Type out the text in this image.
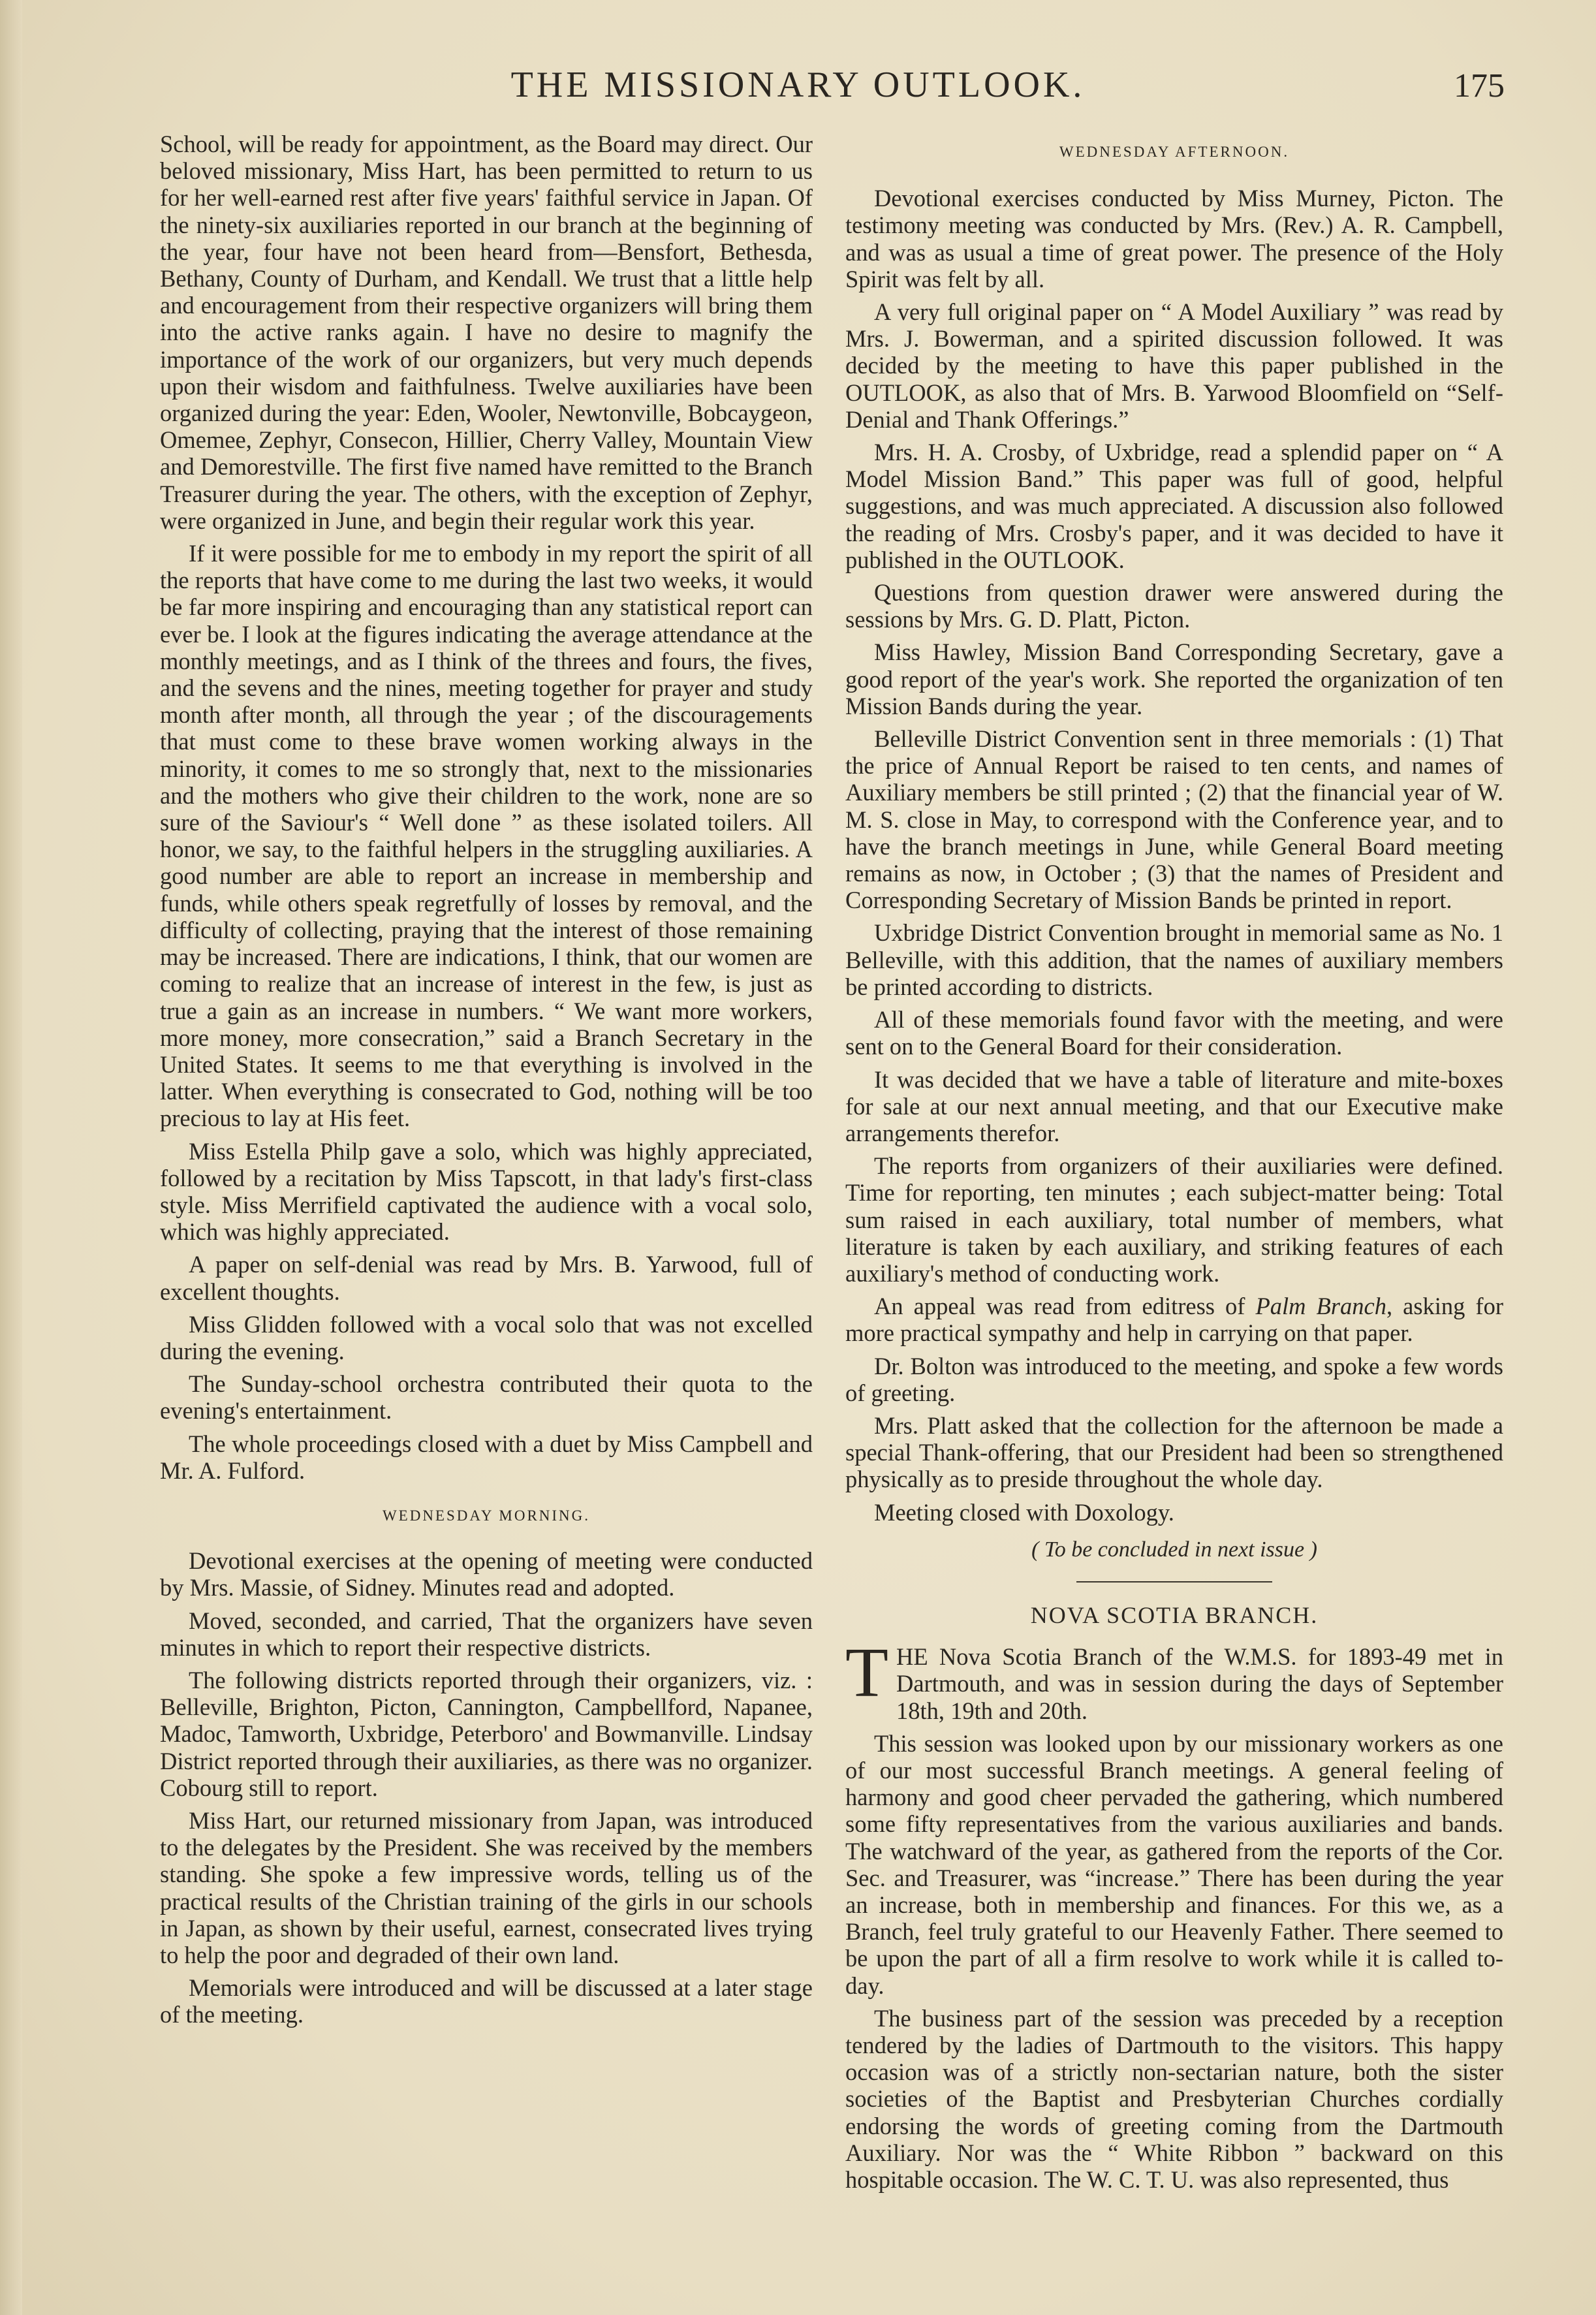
THE MISSIONARY OUTLOOK.	175

School, will be ready for appointment, as the Board may direct. Our beloved missionary, Miss Hart, has been permitted to return to us for her well-earned rest after five years' faithful service in Japan. Of the ninety-six auxiliaries reported in our branch at the beginning of the year, four have not been heard from—Bensfort, Bethesda, Bethany, County of Durham, and Kendall. We trust that a little help and encouragement from their respective organizers will bring them into the active ranks again. I have no desire to magnify the importance of the work of our organizers, but very much depends upon their wisdom and faithfulness. Twelve auxiliaries have been organized during the year: Eden, Wooler, Newtonville, Bobcaygeon, Omemee, Zephyr, Consecon, Hillier, Cherry Valley, Mountain View and Demorestville. The first five named have remitted to the Branch Treasurer during the year. The others, with the exception of Zephyr, were organized in June, and begin their regular work this year.

If it were possible for me to embody in my report the spirit of all the reports that have come to me during the last two weeks, it would be far more inspiring and encouraging than any statistical report can ever be. I look at the figures indicating the average attendance at the monthly meetings, and as I think of the threes and fours, the fives, and the sevens and the nines, meeting together for prayer and study month after month, all through the year ; of the discouragements that must come to these brave women working always in the minority, it comes to me so strongly that, next to the missionaries and the mothers who give their children to the work, none are so sure of the Saviour's “ Well done ” as these isolated toilers. All honor, we say, to the faithful helpers in the struggling auxiliaries. A good number are able to report an increase in membership and funds, while others speak regretfully of losses by removal, and the difficulty of collecting, praying that the interest of those remaining may be increased. There are indications, I think, that our women are coming to realize that an increase of interest in the few, is just as true a gain as an increase in numbers. “ We want more workers, more money, more consecration,” said a Branch Secretary in the United States. It seems to me that everything is involved in the latter. When everything is consecrated to God, nothing will be too precious to lay at His feet.

Miss Estella Philp gave a solo, which was highly appreciated, followed by a recitation by Miss Tapscott, in that lady's first-class style. Miss Merrifield captivated the audience with a vocal solo, which was highly appreciated.

A paper on self-denial was read by Mrs. B. Yarwood, full of excellent thoughts.

Miss Glidden followed with a vocal solo that was not excelled during the evening.

The Sunday-school orchestra contributed their quota to the evening's entertainment.

The whole proceedings closed with a duet by Miss Campbell and Mr. A. Fulford.

WEDNESDAY MORNING.

Devotional exercises at the opening of meeting were conducted by Mrs. Massie, of Sidney. Minutes read and adopted.

Moved, seconded, and carried, That the organizers have seven minutes in which to report their respective districts.

The following districts reported through their organizers, viz. : Belleville, Brighton, Picton, Cannington, Campbellford, Napanee, Madoc, Tamworth, Uxbridge, Peterboro' and Bowmanville. Lindsay District reported through their auxiliaries, as there was no organizer. Cobourg still to report.

Miss Hart, our returned missionary from Japan, was introduced to the delegates by the President. She was received by the members standing. She spoke a few impressive words, telling us of the practical results of the Christian training of the girls in our schools in Japan, as shown by their useful, earnest, consecrated lives trying to help the poor and degraded of their own land.

Memorials were introduced and will be discussed at a later stage of the meeting.

WEDNESDAY AFTERNOON.

Devotional exercises conducted by Miss Murney, Picton. The testimony meeting was conducted by Mrs. (Rev.) A. R. Campbell, and was as usual a time of great power. The presence of the Holy Spirit was felt by all.

A very full original paper on “ A Model Auxiliary ” was read by Mrs. J. Bowerman, and a spirited discussion followed. It was decided by the meeting to have this paper published in the OUTLOOK, as also that of Mrs. B. Yarwood Bloomfield on “Self-Denial and Thank Offerings.”

Mrs. H. A. Crosby, of Uxbridge, read a splendid paper on “ A Model Mission Band.” This paper was full of good, helpful suggestions, and was much appreciated. A discussion also followed the reading of Mrs. Crosby's paper, and it was decided to have it published in the OUTLOOK.

Questions from question drawer were answered during the sessions by Mrs. G. D. Platt, Picton.

Miss Hawley, Mission Band Corresponding Secretary, gave a good report of the year's work. She reported the organization of ten Mission Bands during the year.

Belleville District Convention sent in three memorials : (1) That the price of Annual Report be raised to ten cents, and names of Auxiliary members be still printed ; (2) that the financial year of W. M. S. close in May, to correspond with the Conference year, and to have the branch meetings in June, while General Board meeting remains as now, in October ; (3) that the names of President and Corresponding Secretary of Mission Bands be printed in report.

Uxbridge District Convention brought in memorial same as No. 1 Belleville, with this addition, that the names of auxiliary members be printed according to districts.

All of these memorials found favor with the meeting, and were sent on to the General Board for their consideration.

It was decided that we have a table of literature and mite-boxes for sale at our next annual meeting, and that our Executive make arrangements therefor.

The reports from organizers of their auxiliaries were defined. Time for reporting, ten minutes ; each subject-matter being: Total sum raised in each auxiliary, total number of members, what literature is taken by each auxiliary, and striking features of each auxiliary's method of conducting work.

An appeal was read from editress of Palm Branch, asking for more practical sympathy and help in carrying on that paper.

Dr. Bolton was introduced to the meeting, and spoke a few words of greeting.

Mrs. Platt asked that the collection for the afternoon be made a special Thank-offering, that our President had been so strengthened physically as to preside throughout the whole day.

Meeting closed with Doxology.

( To be concluded in next issue )
NOVA SCOTIA BRANCH.

THE Nova Scotia Branch of the W.M.S. for 1893-49 met in Dartmouth, and was in session during the days of September 18th, 19th and 20th.

This session was looked upon by our missionary workers as one of our most successful Branch meetings. A general feeling of harmony and good cheer pervaded the gathering, which numbered some fifty representatives from the various auxiliaries and bands. The watchward of the year, as gathered from the reports of the Cor. Sec. and Treasurer, was “increase.” There has been during the year an increase, both in membership and finances. For this we, as a Branch, feel truly grateful to our Heavenly Father. There seemed to be upon the part of all a firm resolve to work while it is called to-day.

The business part of the session was preceded by a reception tendered by the ladies of Dartmouth to the visitors. This happy occasion was of a strictly non-sectarian nature, both the sister societies of the Baptist and Presbyterian Churches cordially endorsing the words of greeting coming from the Dartmouth Auxiliary. Nor was the “ White Ribbon ” backward on this hospitable occasion. The W. C. T. U. was also represented, thus
